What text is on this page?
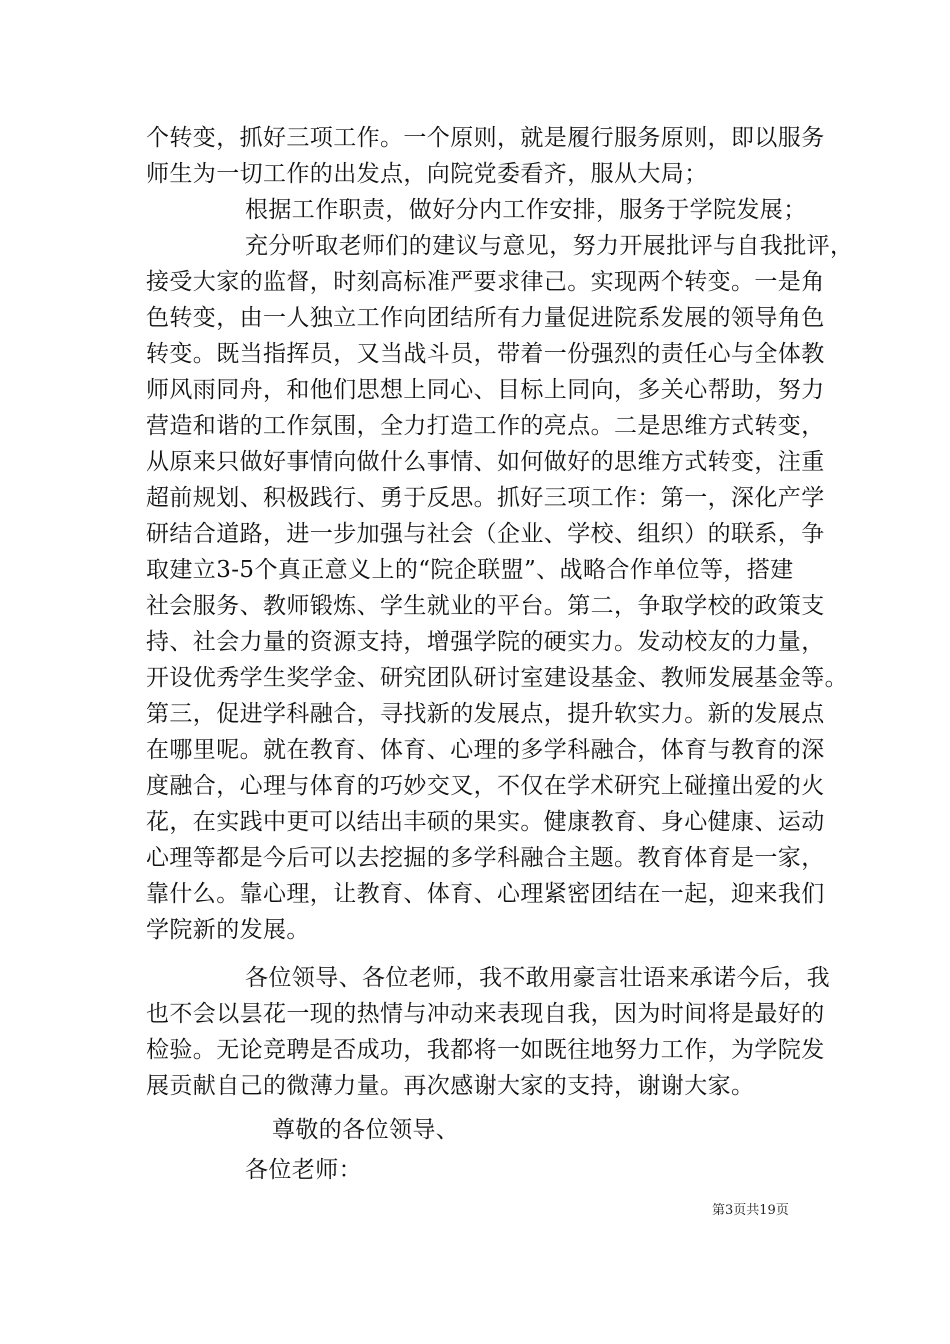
个转变，抓好三项工作。一个原则，就是履行服务原则，即以服务
师生为一切工作的出发点，向院党委看齐，服从大局；
根据工作职责，做好分内工作安排，服务于学院发展；
充分听取老师们的建议与意见，努力开展批评与自我批评，
接受大家的监督，时刻高标准严要求律己。实现两个转变。一是角
色转变，由一人独立工作向团结所有力量促进院系发展的领导角色
转变。既当指挥员，又当战斗员，带着一份强烈的责任心与全体教
师风雨同舟，和他们思想上同心、目标上同向，多关心帮助，努力
营造和谐的工作氛围，全力打造工作的亮点。二是思维方式转变，
从原来只做好事情向做什么事情、如何做好的思维方式转变，注重
超前规划、积极践行、勇于反思。抓好三项工作：第一，深化产学
研结合道路，进一步加强与社会（企业、学校、组织）的联系，争
取建立3-5个真正意义上的“院企联盟”、战略合作单位等，搭建
社会服务、教师锻炼、学生就业的平台。第二，争取学校的政策支
持、社会力量的资源支持，增强学院的硬实力。发动校友的力量，
开设优秀学生奖学金、研究团队研讨室建设基金、教师发展基金等。
第三，促进学科融合，寻找新的发展点，提升软实力。新的发展点
在哪里呢。就在教育、体育、心理的多学科融合，体育与教育的深
度融合，心理与体育的巧妙交叉，不仅在学术研究上碰撞出爱的火
花，在实践中更可以结出丰硕的果实。健康教育、身心健康、运动
心理等都是今后可以去挖掘的多学科融合主题。教育体育是一家，
靠什么。靠心理，让教育、体育、心理紧密团结在一起，迎来我们
学院新的发展。
各位领导、各位老师，我不敢用豪言壮语来承诺今后，我
也不会以昙花一现的热情与冲动来表现自我，因为时间将是最好的
检验。无论竞聘是否成功，我都将一如既往地努力工作，为学院发
展贡献自己的微薄力量。再次感谢大家的支持，谢谢大家。
尊敬的各位领导、
各位老师：
第3页共19页
